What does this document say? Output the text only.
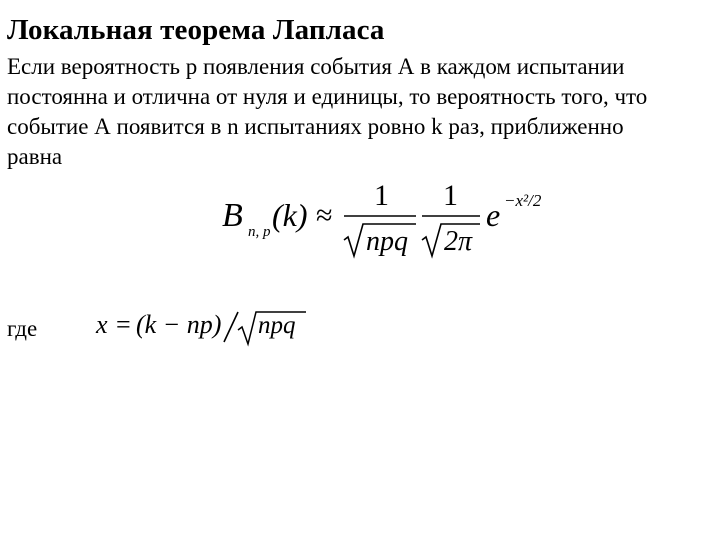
Локальная теорема Лапласа
Если вероятность p появления события А в каждом испытании
постоянна и отлична от нуля и единицы, то вероятность того, что
событие А появится в n испытаниях ровно k раз, приближенно
равна
B n, p (k) ≈
1
npq
1
2π
e −x²/2
где x = (k − np) npq
